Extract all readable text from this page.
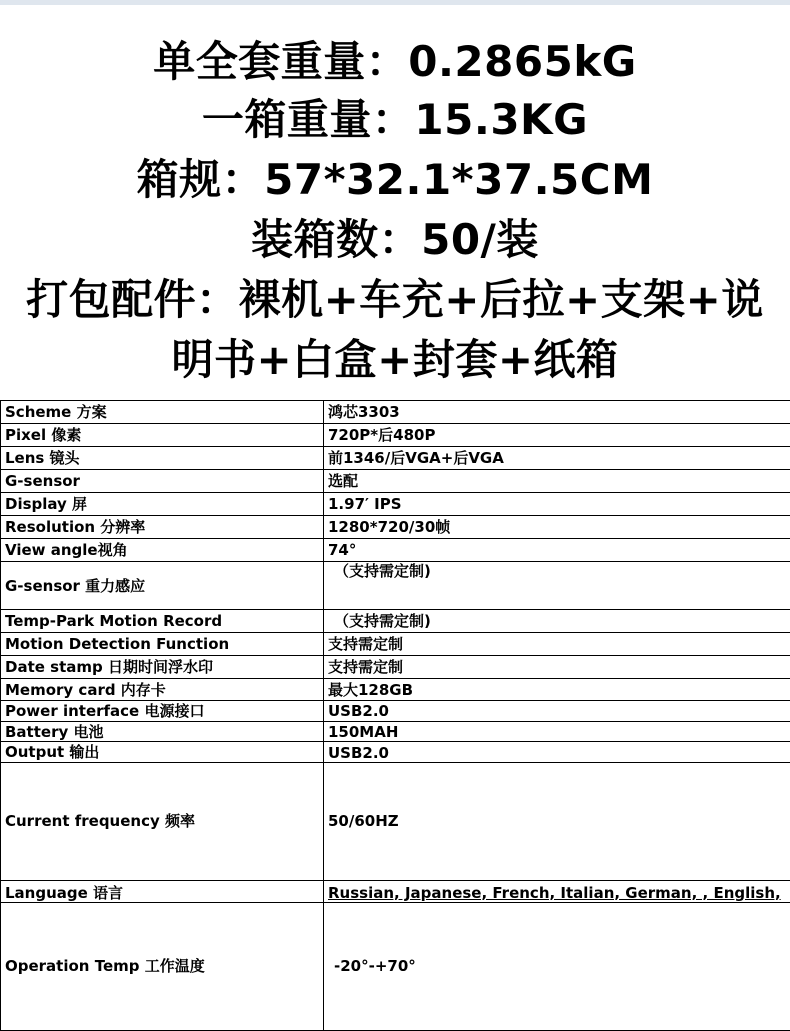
单全套重量：0.2865kG
一箱重量：15.3KG
箱规：57*32.1*37.5CM
装箱数：50/装
打包配件：裸机+车充+后拉+支架+说
明书+白盒+封套+纸箱
Scheme 方案	鸿芯3303
Pixel 像素	720P*后480P
Lens 镜头	前1346/后VGA+后VGA
G-sensor	选配
Display 屏	1.97′ IPS
Resolution 分辨率	1280*720/30帧
View angle视角	74°
G-sensor 重力感应	（支持需定制)
Temp-Park Motion Record	（支持需定制)
Motion Detection Function	支持需定制
Date stamp 日期时间浮水印	支持需定制
Memory card 内存卡	最大128GB
Power interface 电源接口	USB2.0
Battery 电池	150MAH
Output 输出	USB2.0
Current frequency 频率	50/60HZ
Language 语言	Russian, Japanese, French, Italian, German, , English,
Operation Temp 工作温度	-20°-+70°
